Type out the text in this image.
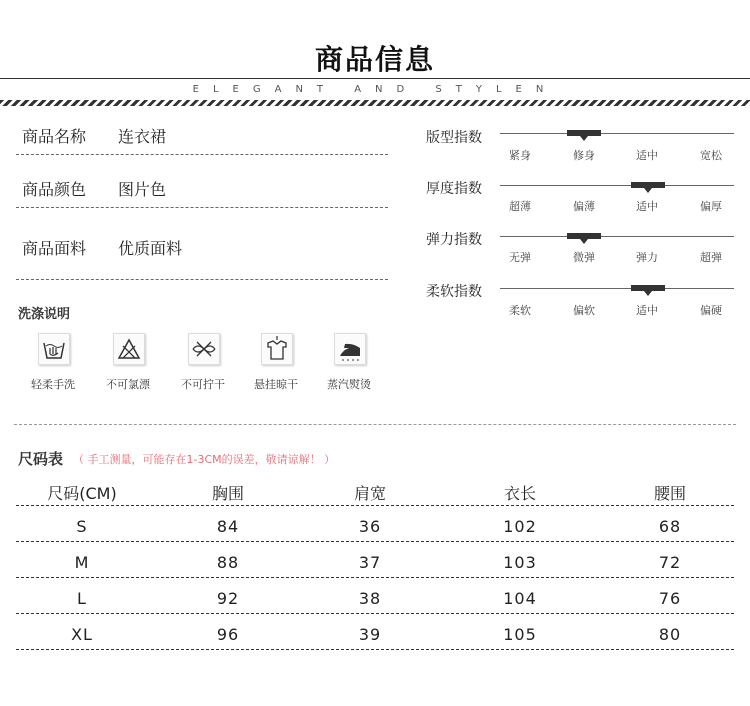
商品信息
ELEGANT AND STYLEN
商品名称 连衣裙
商品颜色 图片色
商品面料 优质面料
版型指数
紧身	修身	适中	宽松
厚度指数
超薄	偏薄	适中	偏厚
弹力指数
无弹	微弹	弹力	超弹
柔软指数
柔软	偏软	适中	偏硬
洗涤说明
轻柔手洗	不可氯漂	不可拧干	悬挂晾干	蒸汽熨烫
尺码表 （ 手工测量，可能存在1-3CM的误差，敬请谅解！ ）
尺码(CM)	胸围	肩宽	衣长	腰围
S	84	36	102	68
M	88	37	103	72
L	92	38	104	76
XL	96	39	105	80
